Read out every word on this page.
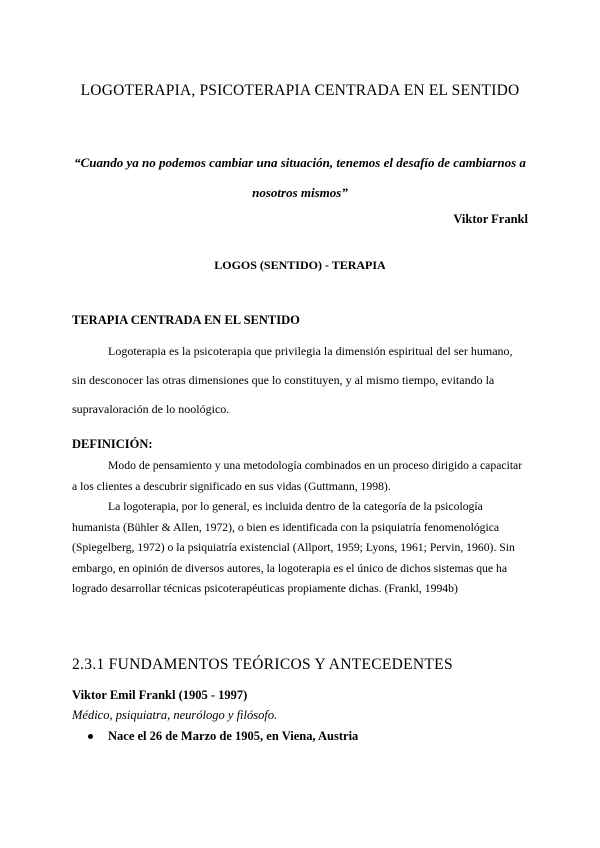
LOGOTERAPIA, PSICOTERAPIA CENTRADA EN EL SENTIDO
“Cuando ya no podemos cambiar una situación, tenemos el desafío de cambiarnos a nosotros mismos”
Viktor Frankl
LOGOS (SENTIDO) - TERAPIA
TERAPIA CENTRADA EN EL SENTIDO
Logoterapia es la psicoterapia que privilegia la dimensión espiritual del ser humano, sin desconocer las otras dimensiones que lo constituyen, y al mismo tiempo, evitando la supravaloración de lo noológico.
DEFINICIÓN:
Modo de pensamiento y una metodología combinados en un proceso dirigido a capacitar a los clientes a descubrir significado en sus vidas (Guttmann, 1998).
La logoterapia, por lo general, es incluida dentro de la categoría de la psicología humanista (Bühler & Allen, 1972), o bien es identificada con la psiquiatría fenomenológica (Spiegelberg, 1972) o la psiquiatría existencial (Allport, 1959; Lyons, 1961; Pervin, 1960). Sin embargo, en opinión de diversos autores, la logoterapia es el único de dichos sistemas que ha logrado desarrollar técnicas psicoterapéuticas propiamente dichas. (Frankl, 1994b)
2.3.1 FUNDAMENTOS TEÓRICOS Y ANTECEDENTES
Viktor Emil Frankl (1905 - 1997)
Médico, psiquiatra, neurólogo y filósofo.
Nace el 26 de Marzo de 1905, en Viena, Austria
